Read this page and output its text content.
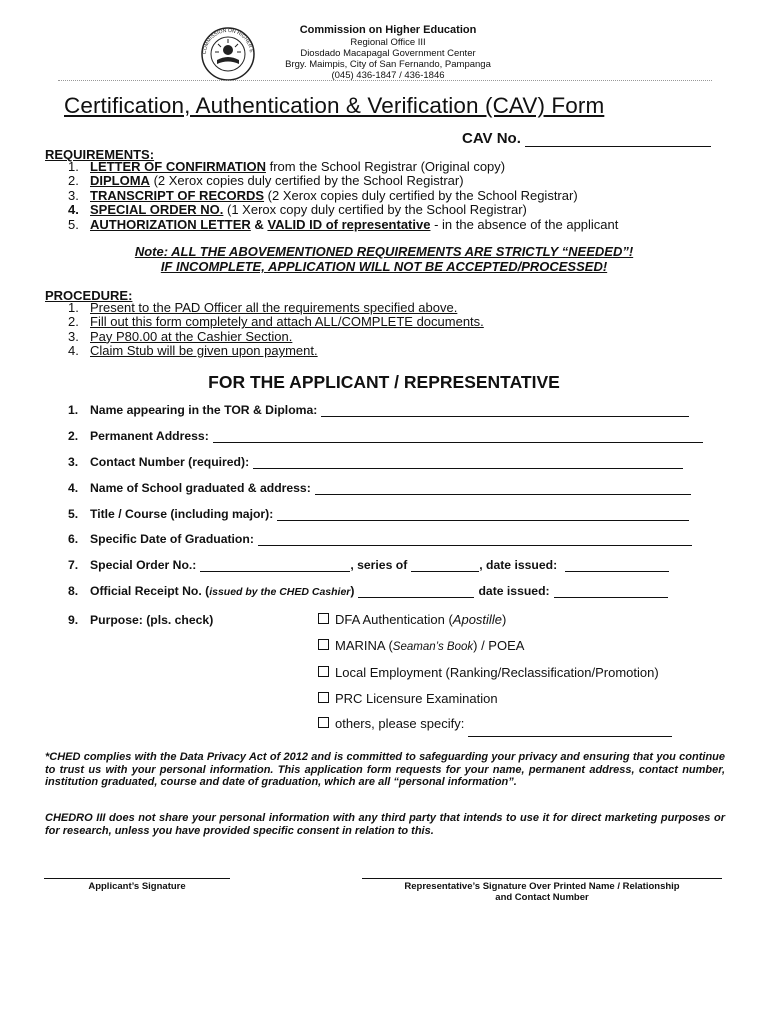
COMMISSION ON HIGHER E
Commission on Higher Education
Regional Office III
Diosdado Macapagal Government Center
Brgy. Maimpis, City of San Fernando, Pampanga
(045) 436-1847 / 436-1846
Certification, Authentication & Verification (CAV) Form
CAV No.
REQUIREMENTS:
1. LETTER OF CONFIRMATION from the School Registrar (Original copy)
2. DIPLOMA (2 Xerox copies duly certified by the School Registrar)
3. TRANSCRIPT OF RECORDS (2 Xerox copies duly certified by the School Registrar)
4. SPECIAL ORDER NO. (1 Xerox copy duly certified by the School Registrar)
5. AUTHORIZATION LETTER & VALID ID of representative - in the absence of the applicant
Note: ALL THE ABOVEMENTIONED REQUIREMENTS ARE STRICTLY “NEEDED”!
IF INCOMPLETE, APPLICATION WILL NOT BE ACCEPTED/PROCESSED!
PROCEDURE:
1. Present to the PAD Officer all the requirements specified above.
2. Fill out this form completely and attach ALL/COMPLETE documents.
3. Pay P80.00 at the Cashier Section.
4. Claim Stub will be given upon payment.
FOR THE APPLICANT / REPRESENTATIVE
1. Name appearing in the TOR & Diploma:
2. Permanent Address:
3. Contact Number (required):
4. Name of School graduated & address:
5. Title / Course (including major):
6. Specific Date of Graduation:
7. Special Order No.:	, series of	, date issued:
8. Official Receipt No. ( issued by the CHED Cashier )	date issued:
9. Purpose: (pls. check)	DFA Authentication (Apostille)
MARINA (Seaman’s Book) / POEA
Local Employment (Ranking/Reclassification/Promotion)
PRC Licensure Examination
others, please specify:
*CHED complies with the Data Privacy Act of 2012 and is committed to safeguarding your privacy and ensuring that you continue to trust us with your personal information. This application form requests for your name, permanent address, contact number, institution graduated, course and date of graduation, which are all “personal information”.
CHEDRO III does not share your personal information with any third party that intends to use it for direct marketing purposes or for research, unless you have provided specific consent in relation to this.
Applicant’s Signature	Representative’s Signature Over Printed Name / Relationship
and Contact Number
